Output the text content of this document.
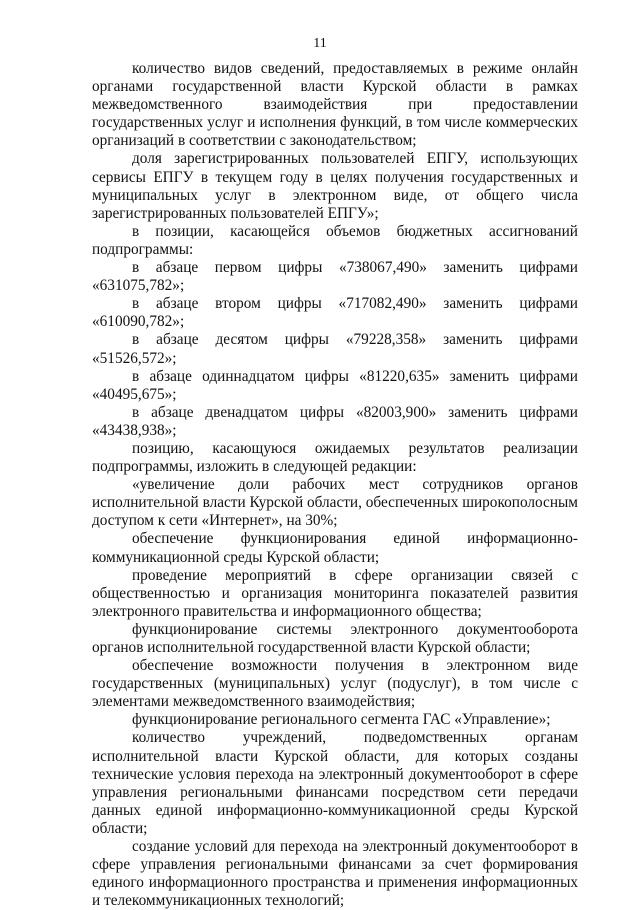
11

количество видов сведений, предоставляемых в режиме онлайн органами государственной власти Курской области в рамках межведомственного взаимодействия при предоставлении государственных услуг и исполнения функций, в том числе коммерческих организаций в соответствии с законодательством;

доля зарегистрированных пользователей ЕПГУ, использующих сервисы ЕПГУ в текущем году в целях получения государственных и муниципальных услуг в электронном виде, от общего числа зарегистрированных пользователей ЕПГУ»;

в позиции, касающейся объемов бюджетных ассигнований подпрограммы:

в абзаце первом цифры «738067,490» заменить цифрами «631075,782»;

в абзаце втором цифры «717082,490» заменить цифрами «610090,782»;

в абзаце десятом цифры «79228,358» заменить цифрами «51526,572»;

в абзаце одиннадцатом цифры «81220,635» заменить цифрами «40495,675»;

в абзаце двенадцатом цифры «82003,900» заменить цифрами «43438,938»;

позицию, касающуюся ожидаемых результатов реализации подпрограммы, изложить в следующей редакции:

«увеличение доли рабочих мест сотрудников органов исполнительной власти Курской области, обеспеченных широкополосным доступом к сети «Интернет», на 30%;

обеспечение функционирования единой информационно-коммуникационной среды Курской области;

проведение мероприятий в сфере организации связей с общественностью и организация мониторинга показателей развития электронного правительства и информационного общества;

функционирование системы электронного документооборота органов исполнительной государственной власти Курской области;

обеспечение возможности получения в электронном виде государственных (муниципальных) услуг (подуслуг), в том числе с элементами межведомственного взаимодействия;

функционирование регионального сегмента ГАС «Управление»;

количество учреждений, подведомственных органам исполнительной власти Курской области, для которых созданы технические условия перехода на электронный документооборот в сфере управления региональными финансами посредством сети передачи данных единой информационно-коммуникационной среды Курской области;

создание условий для перехода на электронный документооборот в сфере управления региональными финансами за счет формирования единого информационного пространства и применения информационных и телекоммуникационных технологий;
